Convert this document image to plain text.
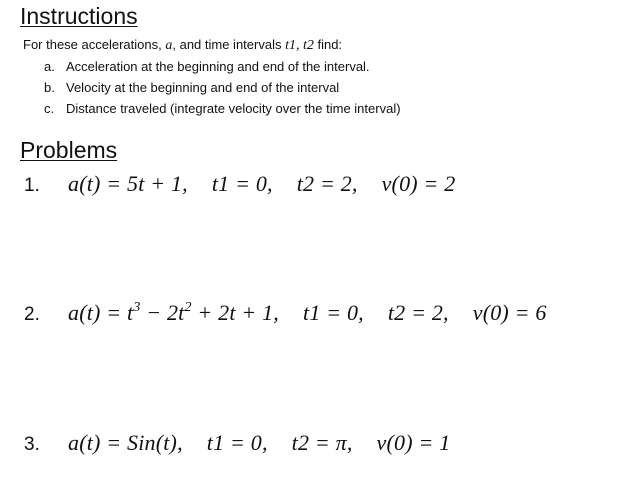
Instructions
For these accelerations, a, and time intervals t1, t2 find:
a. Acceleration at the beginning and end of the interval.
b. Velocity at the beginning and end of the interval
c. Distance traveled (integrate velocity over the time interval)
Problems
1.	a(t) = 5t + 1, t1 = 0, t2 = 2, v(0) = 2
2.	$a(t) = t^3 - 2t^2 + 2t + 1$, t1 = 0, t2 = 2, v(0) = 6
3.	a(t) = Sin(t), t1 = 0, t2 = π, v(0) = 1
